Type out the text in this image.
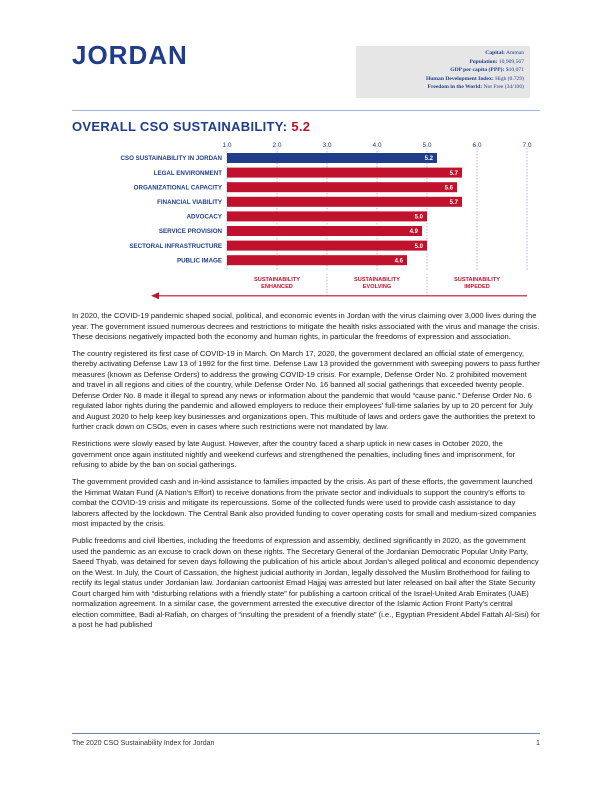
JORDAN	Capital: Amman
Population: 10,909,567
GDP per capita (PPP): $10,071
Human Development Index: High (0.729)
Freedom in the World: Not Free (34/100)
OVERALL CSO SUSTAINABILITY: 5.2
1.0	2.0	3.0	4.0	5.0	6.0	7.0
CSO SUSTAINABILITY IN JORDAN	5.2
LEGAL ENVIRONMENT	5.7
ORGANIZATIONAL CAPACITY	5.6
FINANCIAL VIABILITY	5.7
ADVOCACY	5.0
SERVICE PROVISION	4.9
SECTORAL INFRASTRUCTURE	5.0
PUBLIC IMAGE	4.6
SUSTAINABILITY
ENHANCED
SUSTAINABILITY
EVOLVING
SUSTAINABILITY
IMPEDED

In 2020, the COVID-19 pandemic shaped social, political, and economic events in Jordan with the virus claiming over 3,000 lives during the year. The government issued numerous decrees and restrictions to mitigate the health risks associated with the virus and manage the crisis. These decisions negatively impacted both the economy and human rights, in particular the freedoms of expression and association.

The country registered its first case of COVID-19 in March. On March 17, 2020, the government declared an official state of emergency, thereby activating Defense Law 13 of 1992 for the first time. Defense Law 13 provided the government with sweeping powers to pass further measures (known as Defense Orders) to address the growing COVID-19 crisis. For example, Defense Order No. 2 prohibited movement and travel in all regions and cities of the country, while Defense Order No. 16 banned all social gatherings that exceeded twenty people. Defense Order No. 8 made it illegal to spread any news or information about the pandemic that would “cause panic.” Defense Order No. 6 regulated labor rights during the pandemic and allowed employers to reduce their employees’ full-time salaries by up to 20 percent for July and August 2020 to help keep key businesses and organizations open. This multitude of laws and orders gave the authorities the pretext to further crack down on CSOs, even in cases where such restrictions were not mandated by law.

Restrictions were slowly eased by late August. However, after the country faced a sharp uptick in new cases in October 2020, the government once again instituted nightly and weekend curfews and strengthened the penalties, including fines and imprisonment, for refusing to abide by the ban on social gatherings.

The government provided cash and in-kind assistance to families impacted by the crisis. As part of these efforts, the government launched the Himmat Watan Fund (A Nation's Effort) to receive donations from the private sector and individuals to support the country's efforts to combat the COVID-19 crisis and mitigate its repercussions. Some of the collected funds were used to provide cash assistance to day laborers affected by the lockdown. The Central Bank also provided funding to cover operating costs for small and medium-sized companies most impacted by the crisis.

Public freedoms and civil liberties, including the freedoms of expression and assembly, declined significantly in 2020, as the government used the pandemic as an excuse to crack down on these rights. The Secretary General of the Jordanian Democratic Popular Unity Party, Saeed Thyab, was detained for seven days following the publication of his article about Jordan’s alleged political and economic dependency on the West. In July, the Court of Cassation, the highest judicial authority in Jordan, legally dissolved the Muslim Brotherhood for failing to rectify its legal status under Jordanian law. Jordanian cartoonist Emad Hajjaj was arrested but later released on bail after the State Security Court charged him with “disturbing relations with a friendly state” for publishing a cartoon critical of the Israel-United Arab Emirates (UAE) normalization agreement. In a similar case, the government arrested the executive director of the Islamic Action Front Party's central election committee, Badi al-Rafiah, on charges of “insulting the president of a friendly state” (i.e., Egyptian President Abdel Fattah Al-Sisi) for a post he had published

The 2020 CSO Sustainability Index for Jordan	1
